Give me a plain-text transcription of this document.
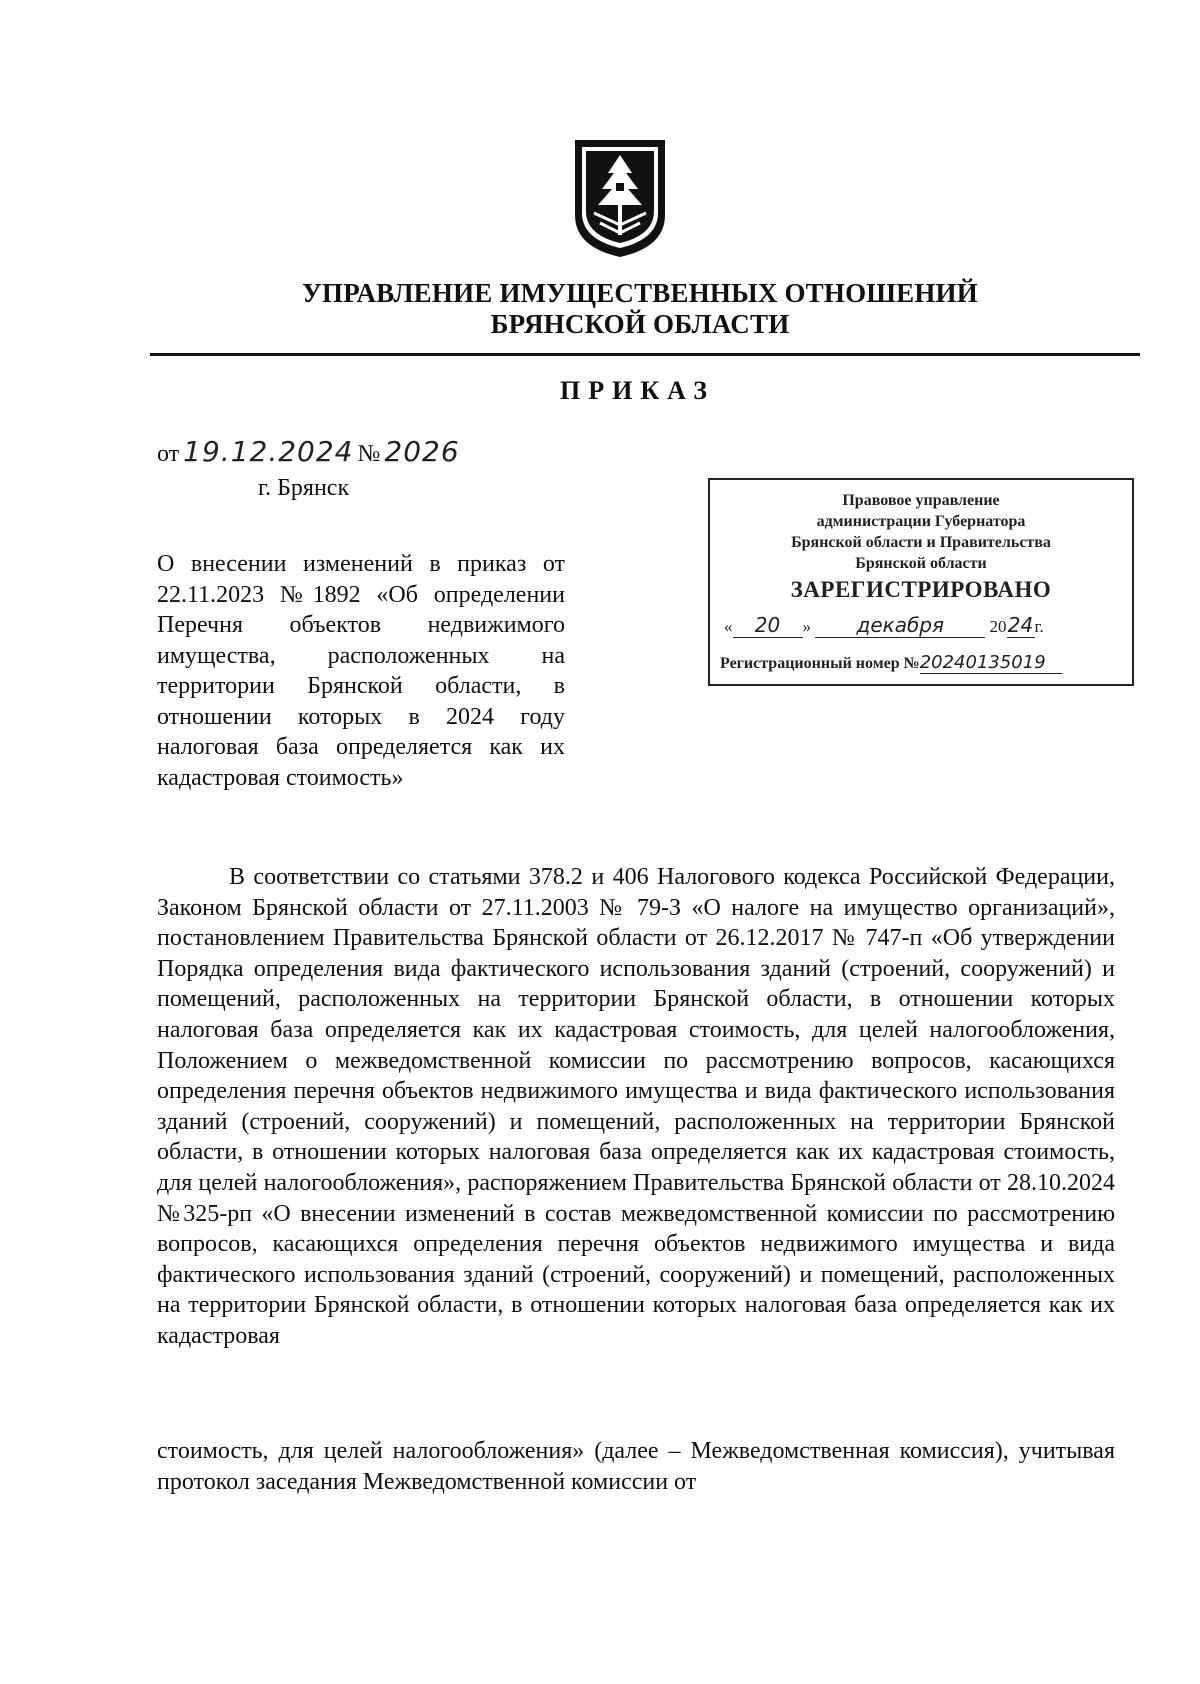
УПРАВЛЕНИЕ ИМУЩЕСТВЕННЫХ ОТНОШЕНИЙ
БРЯНСКОЙ ОБЛАСТИ
ПРИКАЗ
от 19.12.2024 № 2026
г. Брянск	Правовое управление
администрации Губернатора
Брянской области и Правительства
Брянской области
ЗАРЕГИСТРИРОВАНО
« 20 » декабря	2024г.
Регистрационный номер №20240135019
О внесении изменений в приказ от 22.11.2023 №1892 «Об определении Перечня объектов недвижимого имущества, расположенных на территории Брянской области, в отношении которых в 2024 году налоговая база определяется как их кадастровая стоимость»
В соответствии со статьями 378.2 и 406 Налогового кодекса Российской Федерации, Законом Брянской области от 27.11.2003 № 79-З «О налоге на имущество организаций», постановлением Правительства Брянской области от 26.12.2017 № 747-п «Об утверждении Порядка определения вида фактического использования зданий (строений, сооружений) и помещений, расположенных на территории Брянской области, в отношении которых налоговая база определяется как их кадастровая стоимость, для целей налогообложения, Положением о межведомственной комиссии по рассмотрению вопросов, касающихся определения перечня объектов недвижимого имущества и вида фактического использования зданий (строений, сооружений) и помещений, расположенных на территории Брянской области, в отношении которых налоговая база определяется как их кадастровая стоимость, для целей налогообложения», распоряжением Правительства Брянской области от 28.10.2024 №325-рп «О внесении изменений в состав межведомственной комиссии по рассмотрению вопросов, касающихся определения перечня объектов недвижимого имущества и вида фактического использования зданий (строений, сооружений) и помещений, расположенных на территории Брянской области, в отношении которых налоговая база определяется как их кадастровая
стоимость, для целей налогообложения» (далее – Межведомственная комиссия), учитывая протокол заседания Межведомственной комиссии от
